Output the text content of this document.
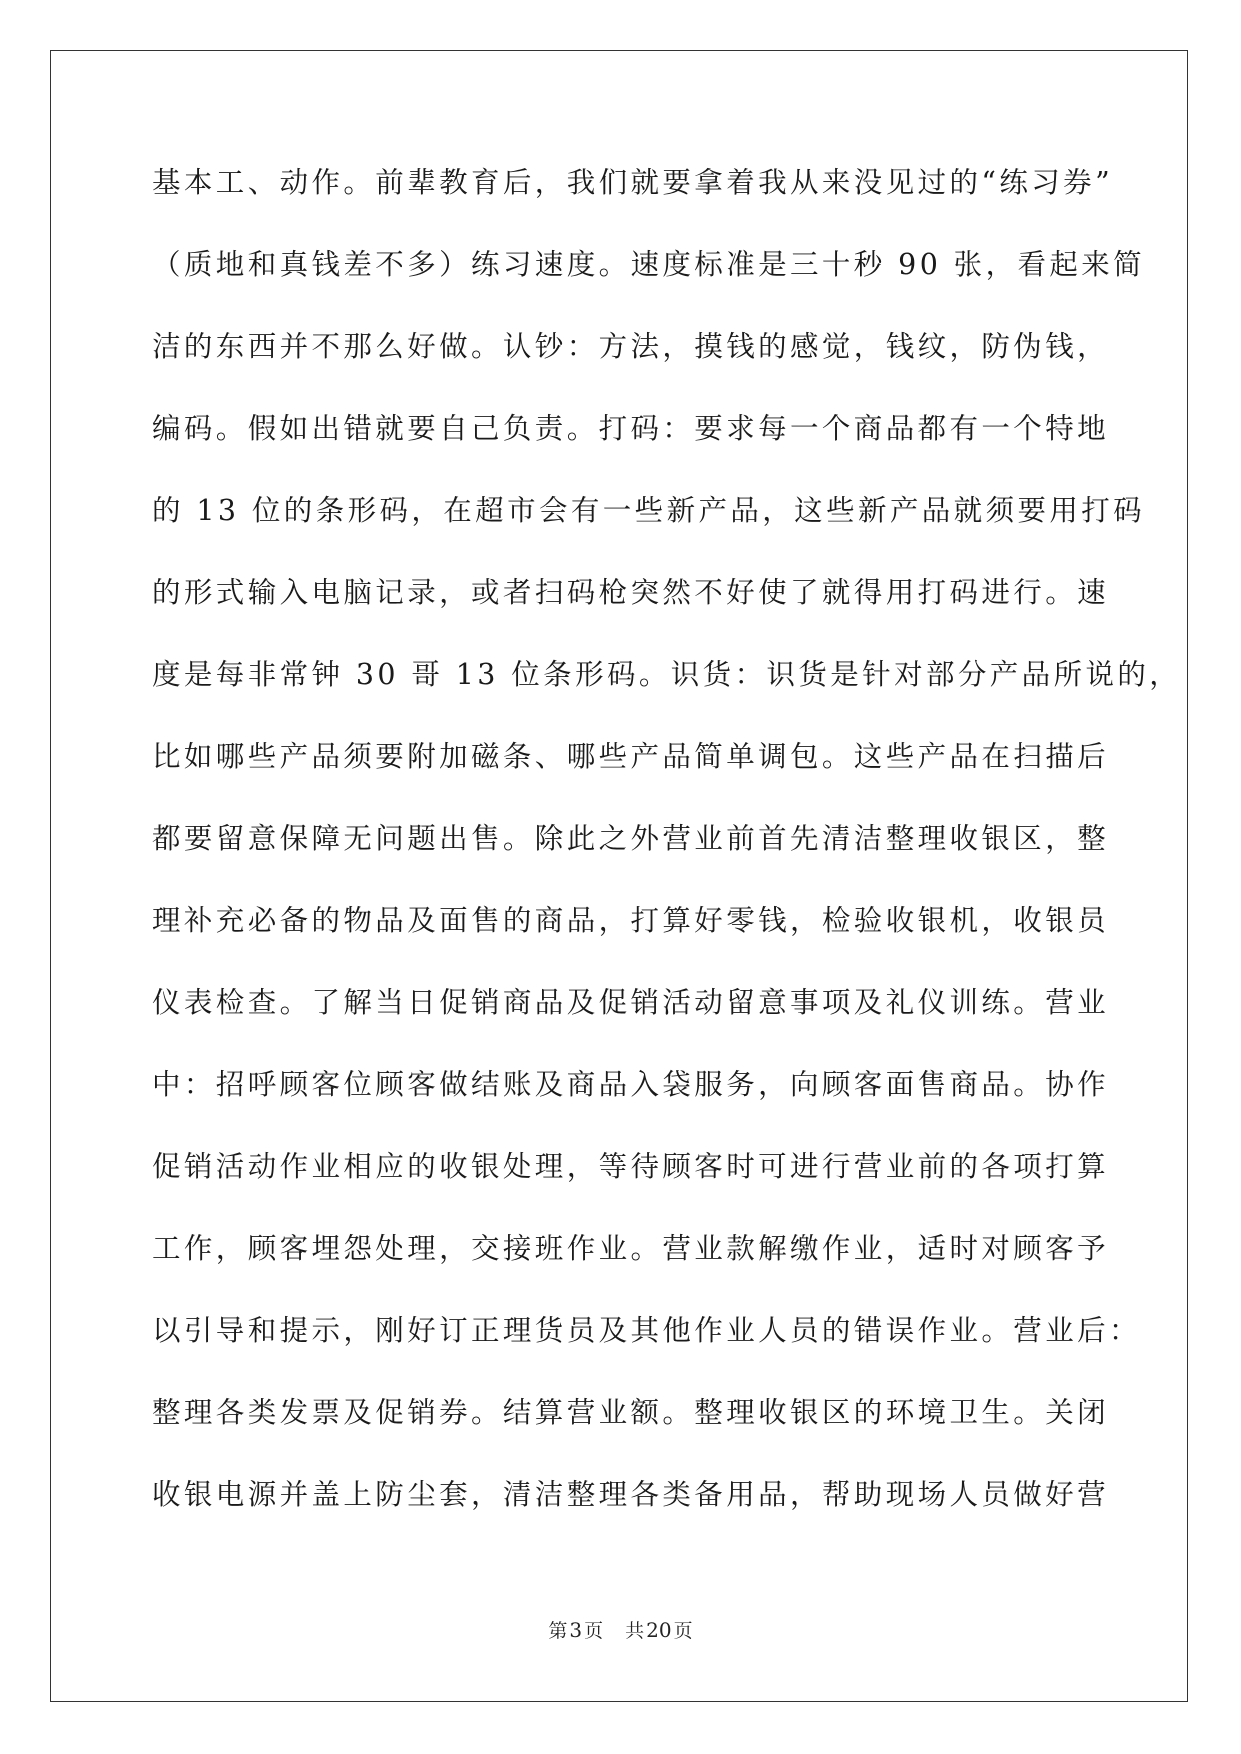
基本工、动作。前辈教育后，我们就要拿着我从来没见过的“练习券”
（质地和真钱差不多）练习速度。速度标准是三十秒 90 张，看起来简
洁的东西并不那么好做。认钞：方法，摸钱的感觉，钱纹，防伪钱，
编码。假如出错就要自己负责。打码：要求每一个商品都有一个特地
的 13 位的条形码，在超市会有一些新产品，这些新产品就须要用打码
的形式输入电脑记录，或者扫码枪突然不好使了就得用打码进行。速
度是每非常钟 30 哥 13 位条形码。识货：识货是针对部分产品所说的，
比如哪些产品须要附加磁条、哪些产品简单调包。这些产品在扫描后
都要留意保障无问题出售。除此之外营业前首先清洁整理收银区，整
理补充必备的物品及面售的商品，打算好零钱，检验收银机，收银员
仪表检查。了解当日促销商品及促销活动留意事项及礼仪训练。营业
中：招呼顾客位顾客做结账及商品入袋服务，向顾客面售商品。协作
促销活动作业相应的收银处理，等待顾客时可进行营业前的各项打算
工作，顾客埋怨处理，交接班作业。营业款解缴作业，适时对顾客予
以引导和提示，刚好订正理货员及其他作业人员的错误作业。营业后：
整理各类发票及促销券。结算营业额。整理收银区的环境卫生。关闭
收银电源并盖上防尘套，清洁整理各类备用品，帮助现场人员做好营
第 3 页 共 20 页
